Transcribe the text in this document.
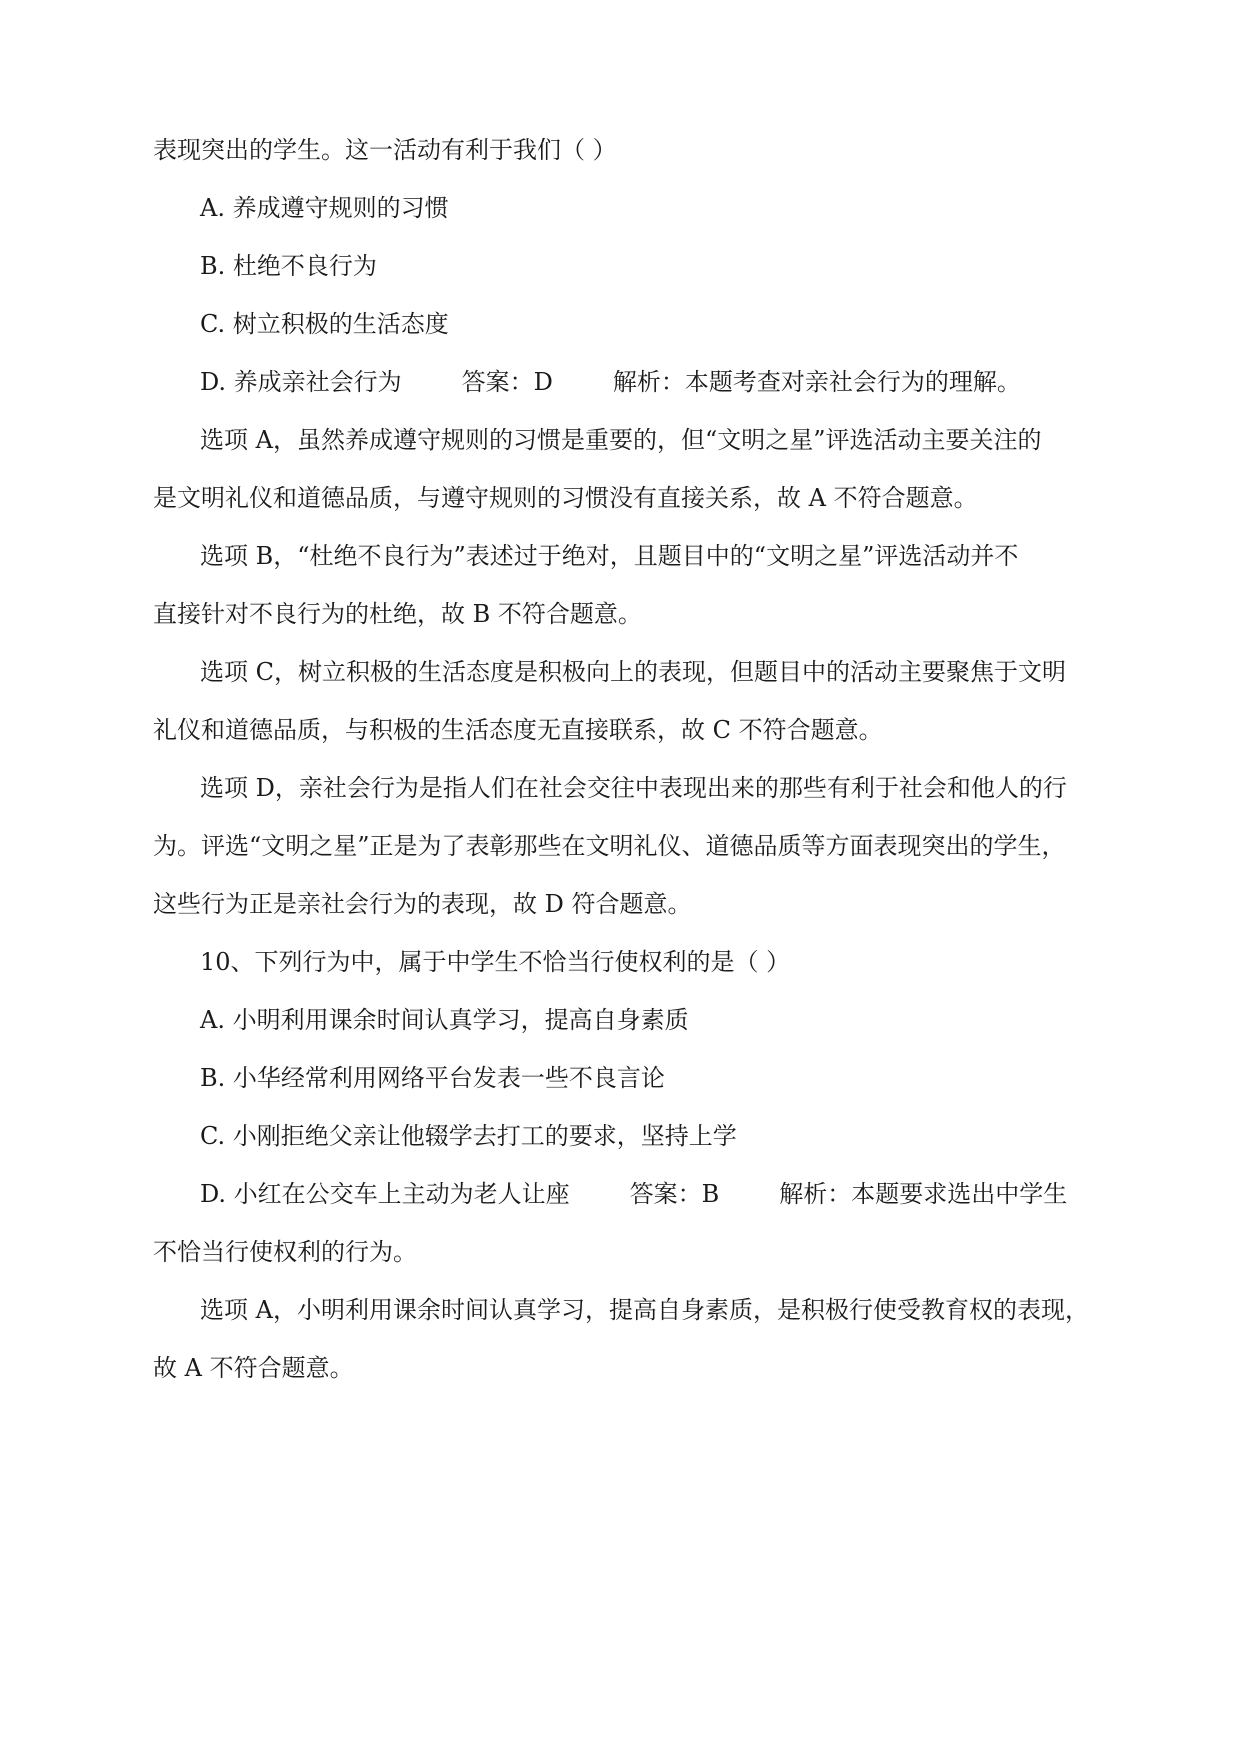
表现突出的学生。这一活动有利于我们（ ）
A. 养成遵守规则的习惯
B. 杜绝不良行为
C. 树立积极的生活态度
D. 养成亲社会行为	答案：D	解析：本题考查对亲社会行为的理解。
选项 A，虽然养成遵守规则的习惯是重要的，但“文明之星”评选活动主要关注的
是文明礼仪和道德品质，与遵守规则的习惯没有直接关系，故 A 不符合题意。
选项 B，“杜绝不良行为”表述过于绝对，且题目中的“文明之星”评选活动并不
直接针对不良行为的杜绝，故 B 不符合题意。
选项 C，树立积极的生活态度是积极向上的表现，但题目中的活动主要聚焦于文明
礼仪和道德品质，与积极的生活态度无直接联系，故 C 不符合题意。
选项 D，亲社会行为是指人们在社会交往中表现出来的那些有利于社会和他人的行
为。评选“文明之星”正是为了表彰那些在文明礼仪、道德品质等方面表现突出的学生，
这些行为正是亲社会行为的表现，故 D 符合题意。
10、下列行为中，属于中学生不恰当行使权利的是（ ）
A. 小明利用课余时间认真学习，提高自身素质
B. 小华经常利用网络平台发表一些不良言论
C. 小刚拒绝父亲让他辍学去打工的要求，坚持上学
D. 小红在公交车上主动为老人让座	答案：B	解析：本题要求选出中学生
不恰当行使权利的行为。
选项 A，小明利用课余时间认真学习，提高自身素质，是积极行使受教育权的表现，
故 A 不符合题意。
